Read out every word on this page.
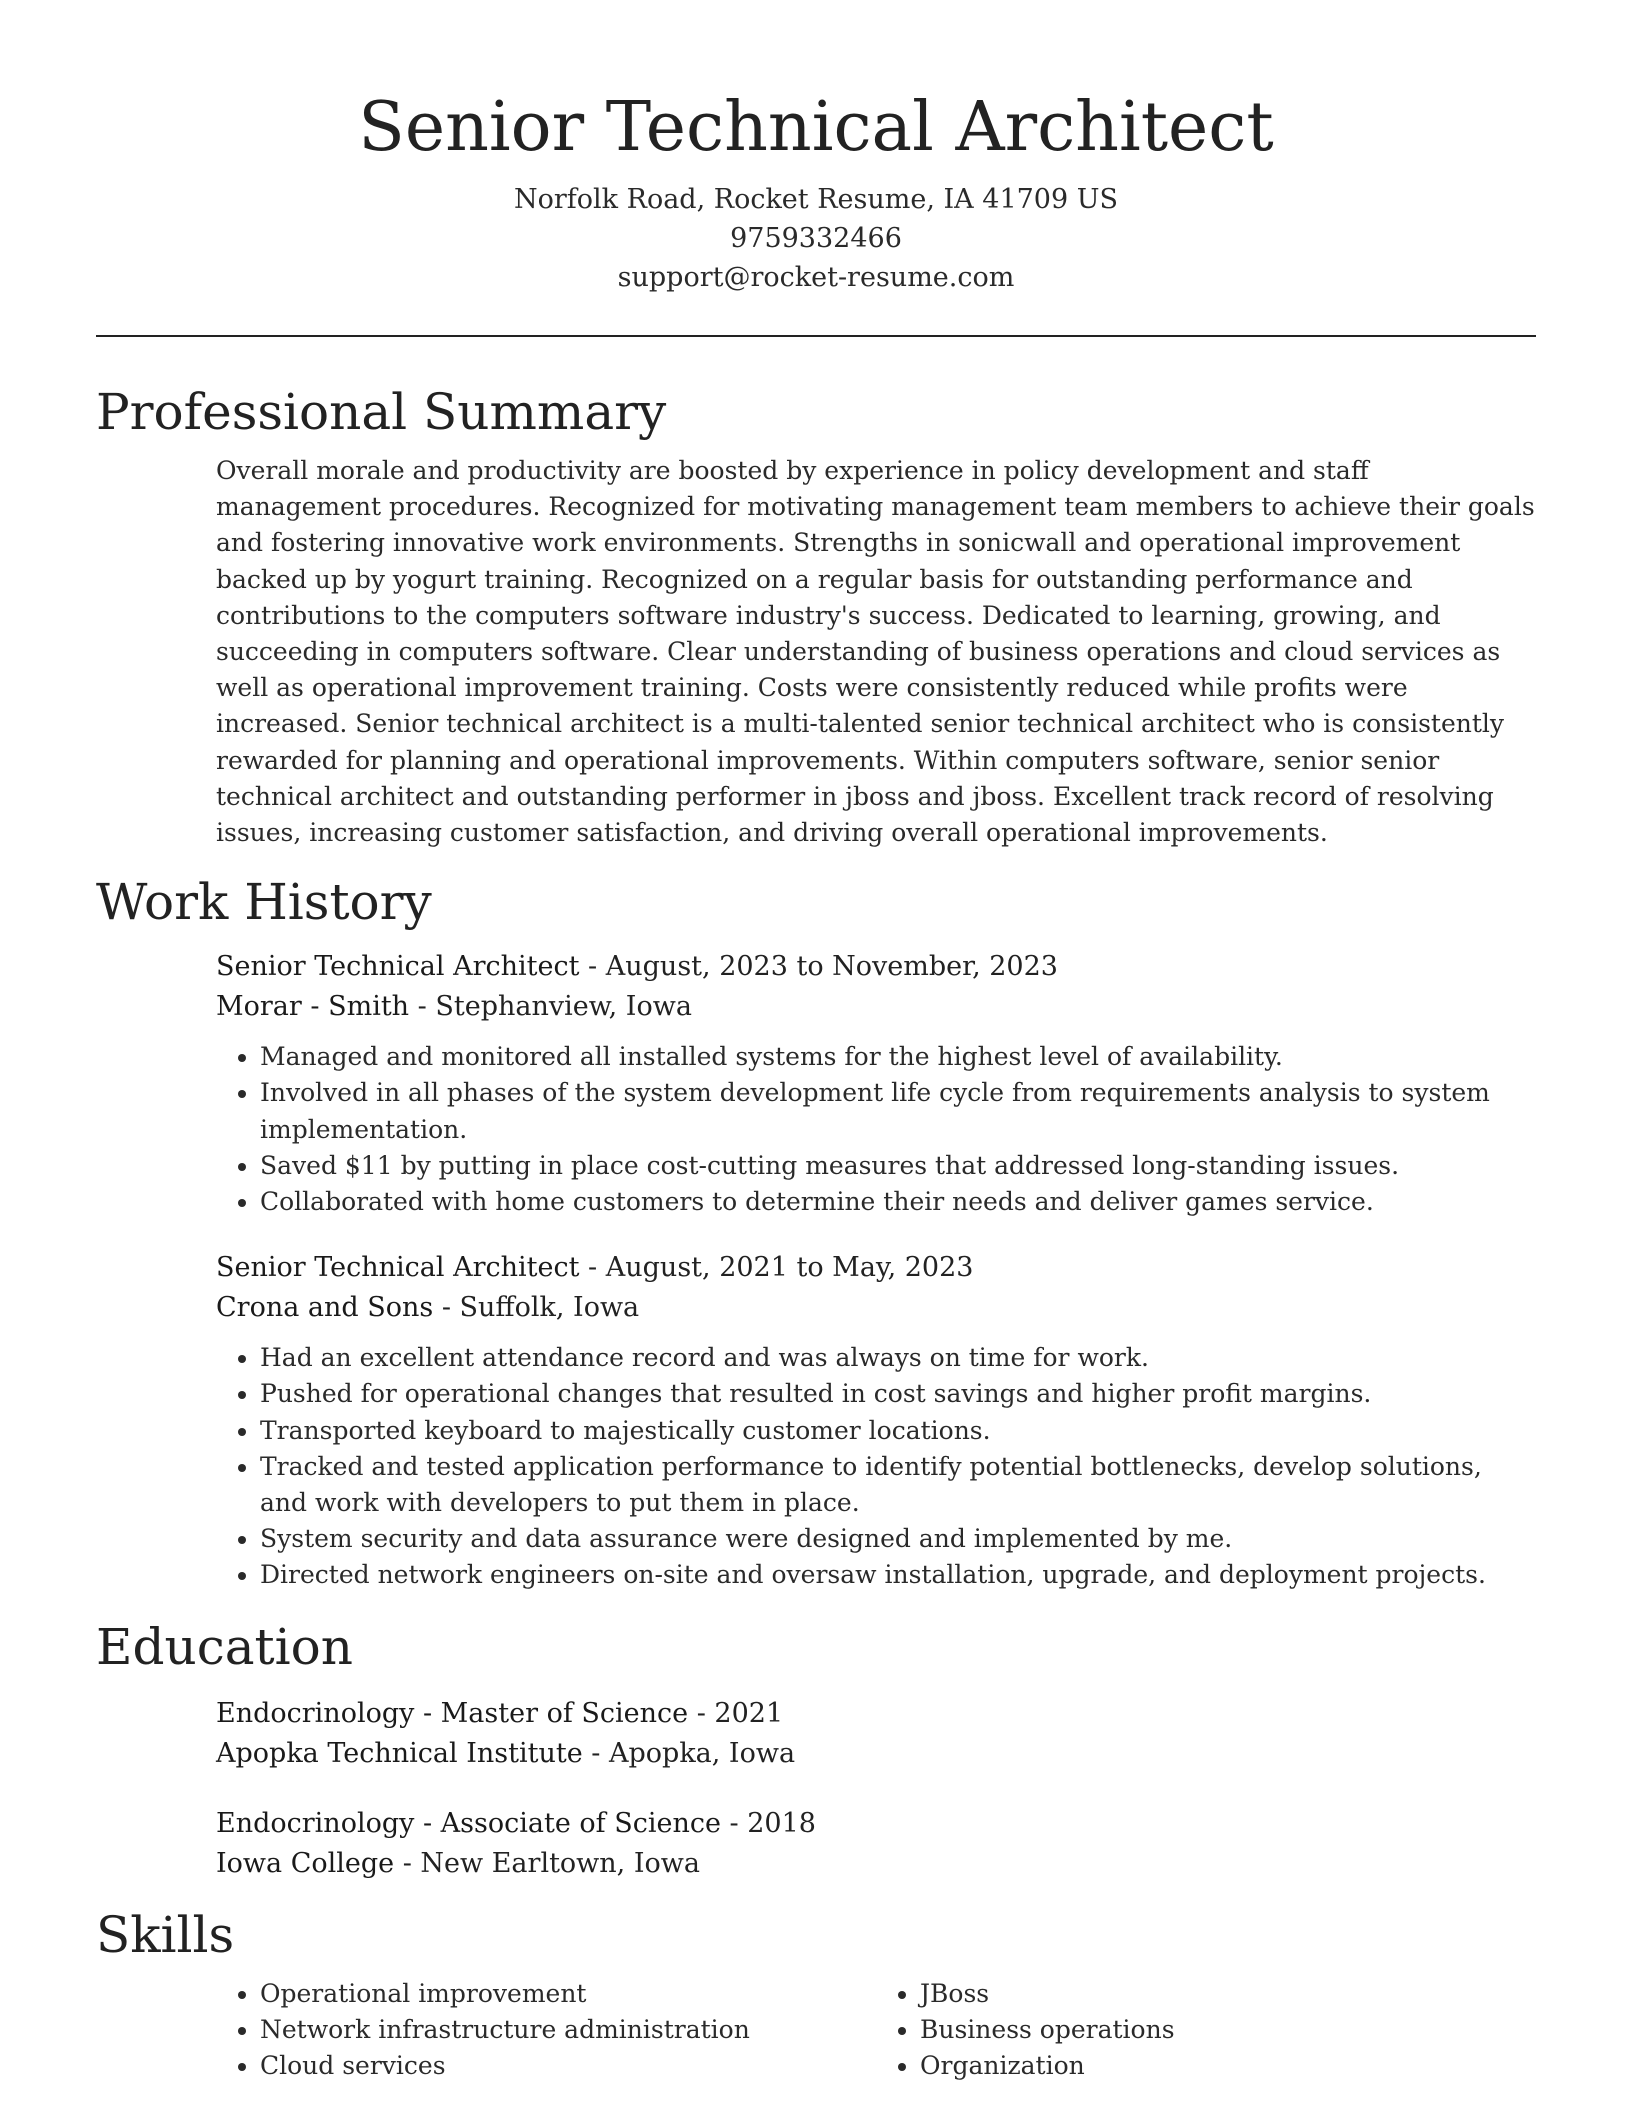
Senior Technical Architect
Norfolk Road, Rocket Resume, IA 41709 US
9759332466
support@rocket-resume.com
Professional Summary

Overall morale and productivity are boosted by experience in policy development and staff management procedures. Recognized for motivating management team members to achieve their goals and fostering innovative work environments. Strengths in sonicwall and operational improvement backed up by yogurt training. Recognized on a regular basis for outstanding performance and contributions to the computers software industry's success. Dedicated to learning, growing, and succeeding in computers software. Clear understanding of business operations and cloud services as well as operational improvement training. Costs were consistently reduced while profits were increased. Senior technical architect is a multi-talented senior technical architect who is consistently rewarded for planning and operational improvements. Within computers software, senior senior technical architect and outstanding performer in jboss and jboss. Excellent track record of resolving issues, increasing customer satisfaction, and driving overall operational improvements.

Work History
Senior Technical Architect - August, 2023 to November, 2023
Morar - Smith - Stephanview, Iowa
• Managed and monitored all installed systems for the highest level of availability.
• Involved in all phases of the system development life cycle from requirements analysis to system implementation.
• Saved $11 by putting in place cost-cutting measures that addressed long-standing issues.
• Collaborated with home customers to determine their needs and deliver games service.
Senior Technical Architect - August, 2021 to May, 2023
Crona and Sons - Suffolk, Iowa
• Had an excellent attendance record and was always on time for work.
• Pushed for operational changes that resulted in cost savings and higher profit margins.
• Transported keyboard to majestically customer locations.
• Tracked and tested application performance to identify potential bottlenecks, develop solutions, and work with developers to put them in place.
• System security and data assurance were designed and implemented by me.
• Directed network engineers on-site and oversaw installation, upgrade, and deployment projects.
Education
Endocrinology - Master of Science - 2021
Apopka Technical Institute - Apopka, Iowa
Endocrinology - Associate of Science - 2018
Iowa College - New Earltown, Iowa
Skills
• Operational improvement
• Network infrastructure administration
• Cloud services
• JBoss
• Business operations
• Organization
